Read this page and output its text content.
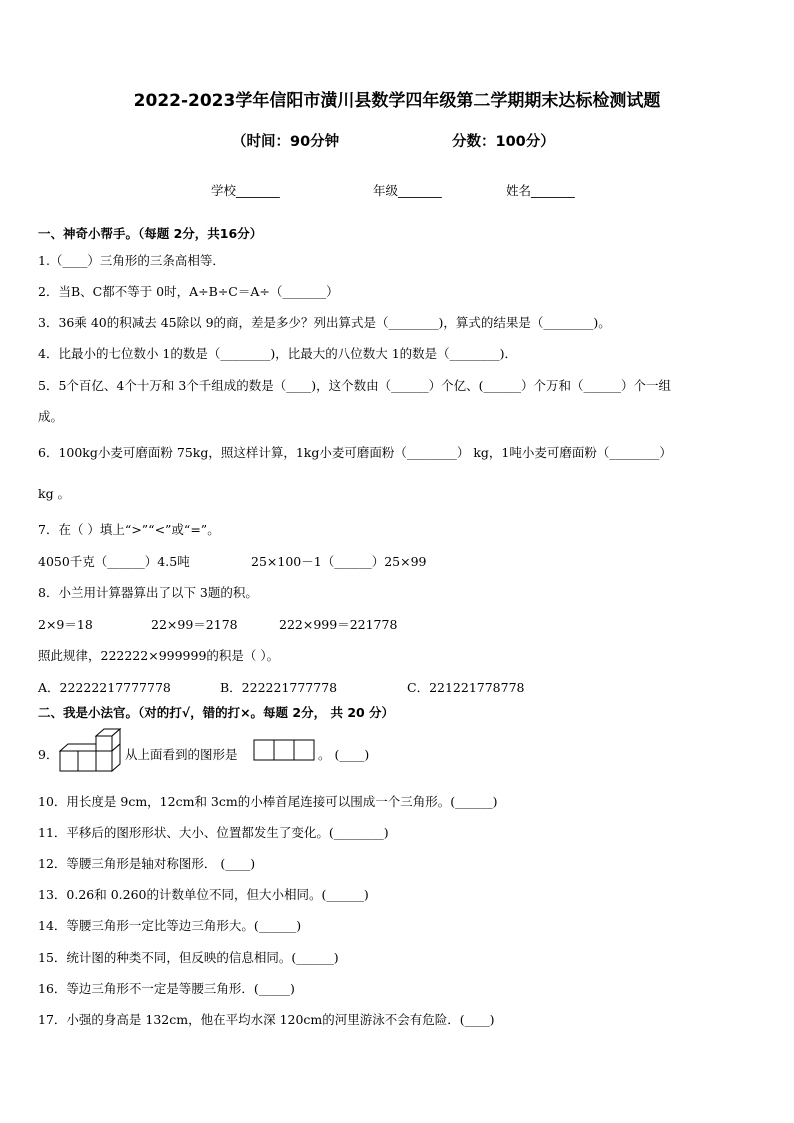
2022-2023学年信阳市潢川县数学四年级第二学期期末达标检测试题
（时间：90分钟	分数：100分）
学校_______	年级_______	姓名_______
一、神奇小帮手。（每题 2分，共16分）
1.（____）三角形的三条高相等．
2．当B、C都不等于 0时，A÷B÷C＝A÷（_______）
3．36乘 40的积减去 45除以 9的商，差是多少？列出算式是（________)，算式的结果是（________)。
4．比最小的七位数小 1的数是（________)，比最大的八位数大 1的数是（________)．
5．5个百亿、4个十万和 3个千组成的数是（____)，这个数由（______）个亿、(______）个万和（______）个一组
成。
6．100kg小麦可磨面粉 75kg，照这样计算，1kg小麦可磨面粉（________） kg，1吨小麦可磨面粉（________）
kg 。
7．在（ ）填上“>”“<”或“=”。
4050千克（______）4.5吨	25×100－1（______）25×99
8．小兰用计算器算出了以下 3题的积。
2×9＝18	22×99＝2178	222×999＝221778
照此规律，222222×999999的积是（ ）。
A．22222217777778	B．222221777778	C．221221778778
二、我是小法官。（对的打√，错的打×。每题 2分， 共 20 分）
9．	从上面看到的图形是	。 (____)
10．用长度是 9cm，12cm和 3cm的小棒首尾连接可以围成一个三角形。(______)
11．平移后的图形形状、大小、位置都发生了变化。(________)
12．等腰三角形是轴对称图形． (____)
13．0.26和 0.260的计数单位不同，但大小相同。(______)
14．等腰三角形一定比等边三角形大。(______)
15．统计图的种类不同，但反映的信息相同。(______)
16．等边三角形不一定是等腰三角形．(_____)
17．小强的身高是 132cm，他在平均水深 120cm的河里游泳不会有危险．(____)
